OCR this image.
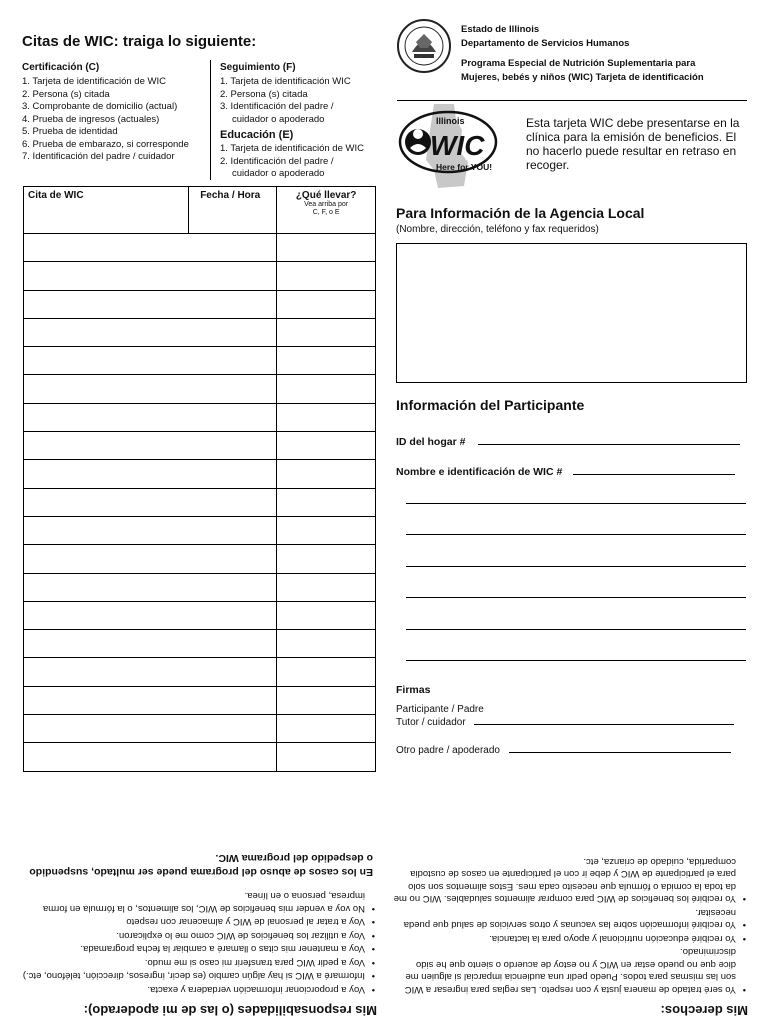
Citas de WIC: traiga lo siguiente:
Certificación (C)
1. Tarjeta de identificación de WIC
2. Persona (s) citada
3. Comprobante de domicilio (actual)
4. Prueba de ingresos (actuales)
5. Prueba de identidad
6. Prueba de embarazo, si corresponde
7. Identificación del padre / cuidador
Seguimiento (F)
1. Tarjeta de identificación WIC
2. Persona (s) citada
3. Identificación del padre /
cuidador o apoderado
Educación (E)
1. Tarjeta de identificación de WIC
2. Identificación del padre /
cuidador o apoderado
Estado de Illinois
Departamento de Servicios Humanos
Programa Especial de Nutrición Suplementaria para
Mujeres, bebés y niños (WIC) Tarjeta de identificación
Illinois
WIC
Here for YOU!
Esta tarjeta WIC debe presentarse en la clínica para la emisión de beneficios. El no hacerlo puede resultar en retraso en recoger.
Cita de WIC	Fecha / Hora	¿Qué llevar?
Vea arriba por
C, F, o E

		Para Información de la Agencia Local
(Nombre, dirección, teléfono y fax requeridos)
Información del Participante
ID del hogar #
Nombre e identificación de WIC #
Firmas
Participante / Padre
Tutor / cuidador
Otro padre / apoderado
Mis responsabilidades (o las de mi apoderado):
• Voy a proporcionar información verdadera y exacta.
• Informaré a WIC si hay algún cambio (es decir, ingresos, dirección, teléfono, etc.)
• Voy a pedir WIC para transferir mi caso si me mudo.
• Voy a mantener mis citas o llamaré a cambiar la fecha programada.
• Voy a utilizar los beneficios de WIC como me lo explicaron.
• Voy a tratar al personal de WIC y almacenar con respeto
• No voy a vender mis beneficios de WIC, los alimentos, o la fórmula en forma impresa, persona o en línea.
En los casos de abuso del programa puede ser multado, suspendido o despedido del programa WIC.
Mis derechos:
• Yo seré tratado de manera justa y con respeto. Las reglas para ingresar a WIC son las mismas para todos. Puedo pedir una audiencia imparcial si alguien me dice que no puedo estar en WIC y no estoy de acuerdo o siento que he sido discriminado.
• Yo recibiré educación nutricional y apoyo para la lactancia.
• Yo recibiré información sobre las vacunas y otros servicios de salud que pueda necesitar.
• Yo recibiré los beneficios de WIC para comprar alimentos saludables. WIC no me da toda la comida o fórmula que necesito cada mes. Estos alimentos son solo para el participante de WIC y debe ir con el participante en casos de custodia compartida, cuidado de crianza, etc.
